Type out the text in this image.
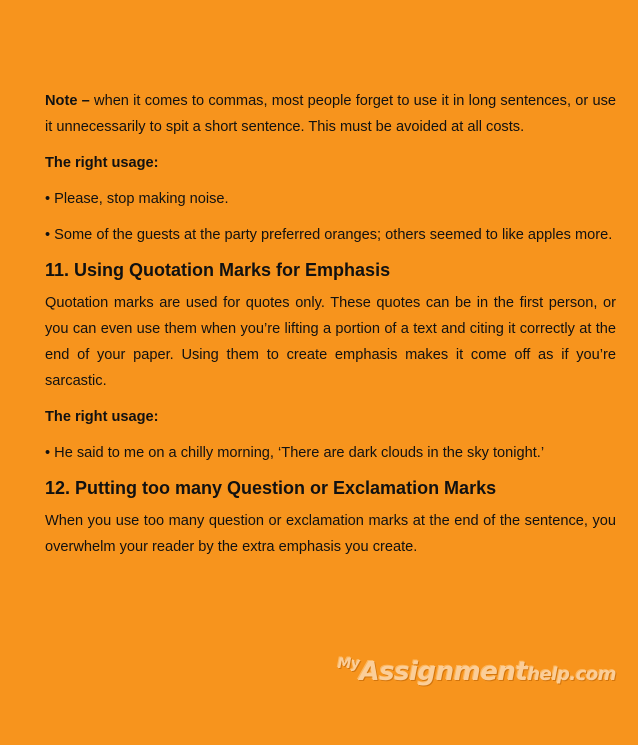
Note – when it comes to commas, most people forget to use it in long sentences, or use it unnecessarily to spit a short sentence. This must be avoided at all costs.

The right usage:

• Please, stop making noise.

• Some of the guests at the party preferred oranges; others seemed to like apples more.

11. Using Quotation Marks for Emphasis

Quotation marks are used for quotes only. These quotes can be in the first person, or you can even use them when you’re lifting a portion of a text and citing it correctly at the end of your paper. Using them to create emphasis makes it come off as if you’re sarcastic.

The right usage:

• He said to me on a chilly morning, ‘There are dark clouds in the sky tonight.’

12. Putting too many Question or Exclamation Marks

When you use too many question or exclamation marks at the end of the sentence, you overwhelm your reader by the extra emphasis you create.

MyAssignmenthelp.com
